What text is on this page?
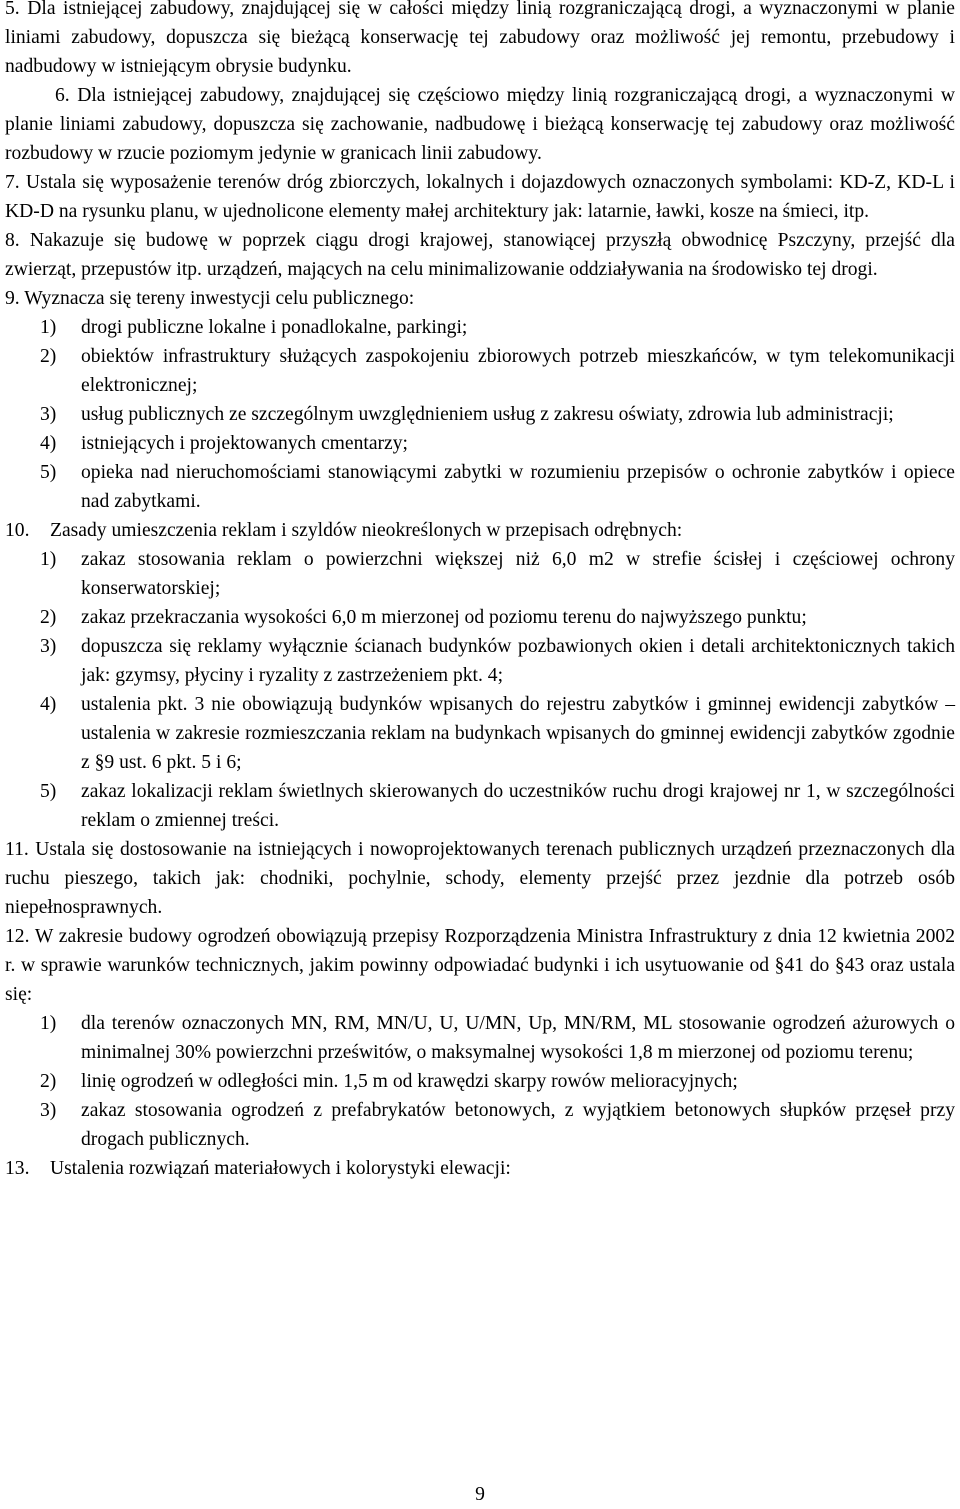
5. Dla istniejącej zabudowy, znajdującej się w całości między linią rozgraniczającą drogi, a wyznaczonymi w planie liniami zabudowy, dopuszcza się bieżącą konserwację tej zabudowy oraz możliwość jej remontu, przebudowy i nadbudowy w istniejącym obrysie budynku.

6. Dla istniejącej zabudowy, znajdującej się częściowo między linią rozgraniczającą drogi, a wyznaczonymi w planie liniami zabudowy, dopuszcza się zachowanie, nadbudowę i bieżącą konserwację tej zabudowy oraz możliwość rozbudowy w rzucie poziomym jedynie w granicach linii zabudowy.

7. Ustala się wyposażenie terenów dróg zbiorczych, lokalnych i dojazdowych oznaczonych symbolami: KD-Z, KD-L i KD-D na rysunku planu, w ujednolicone elementy małej architektury jak: latarnie, ławki, kosze na śmieci, itp.

8. Nakazuje się budowę w poprzek ciągu drogi krajowej, stanowiącej przyszłą obwodnicę Pszczyny, przejść dla zwierząt, przepustów itp. urządzeń, mających na celu minimalizowanie oddziaływania na środowisko tej drogi.

9. Wyznacza się tereny inwestycji celu publicznego:

1)	drogi publiczne lokalne i ponadlokalne, parkingi;
2)	obiektów infrastruktury służących zaspokojeniu zbiorowych potrzeb mieszkańców, w tym telekomunikacji elektronicznej;
3)	usług publicznych ze szczególnym uwzględnieniem usług z zakresu oświaty, zdrowia lub administracji;
4)	istniejących i projektowanych cmentarzy;
5)	opieka nad nieruchomościami stanowiącymi zabytki w rozumieniu przepisów o ochronie zabytków i opiece nad zabytkami.
10.	Zasady umieszczenia reklam i szyldów nieokreślonych w przepisach odrębnych:
1)	zakaz stosowania reklam o powierzchni większej niż 6,0 m2 w strefie ścisłej i częściowej ochrony konserwatorskiej;
2)	zakaz przekraczania wysokości 6,0 m mierzonej od poziomu terenu do najwyższego punktu;
3)	dopuszcza się reklamy wyłącznie ścianach budynków pozbawionych okien i detali architektonicznych takich jak: gzymsy, płyciny i ryzality z zastrzeżeniem pkt. 4;
4)	ustalenia pkt. 3 nie obowiązują budynków wpisanych do rejestru zabytków i gminnej ewidencji zabytków – ustalenia w zakresie rozmieszczania reklam na budynkach wpisanych do gminnej ewidencji zabytków zgodnie z §9 ust. 6 pkt. 5 i 6;
5)	zakaz lokalizacji reklam świetlnych skierowanych do uczestników ruchu drogi krajowej nr 1, w szczególności reklam o zmiennej treści.

11. Ustala się dostosowanie na istniejących i nowoprojektowanych terenach publicznych urządzeń przeznaczonych dla ruchu pieszego, takich jak: chodniki, pochylnie, schody, elementy przejść przez jezdnie dla potrzeb osób niepełnosprawnych.

12. W zakresie budowy ogrodzeń obowiązują przepisy Rozporządzenia Ministra Infrastruktury z dnia 12 kwietnia 2002 r. w sprawie warunków technicznych, jakim powinny odpowiadać budynki i ich usytuowanie od §41 do §43 oraz ustala się:

1)	dla terenów oznaczonych MN, RM, MN/U, U, U/MN, Up, MN/RM, ML stosowanie ogrodzeń ażurowych o minimalnej 30% powierzchni prześwitów, o maksymalnej wysokości 1,8 m mierzonej od poziomu terenu;
2)	linię ogrodzeń w odległości min. 1,5 m od krawędzi skarpy rowów melioracyjnych;
3)	zakaz stosowania ogrodzeń z prefabrykatów betonowych, z wyjątkiem betonowych słupków przęseł przy drogach publicznych.
13.	Ustalenia rozwiązań materiałowych i kolorystyki elewacji:
9
